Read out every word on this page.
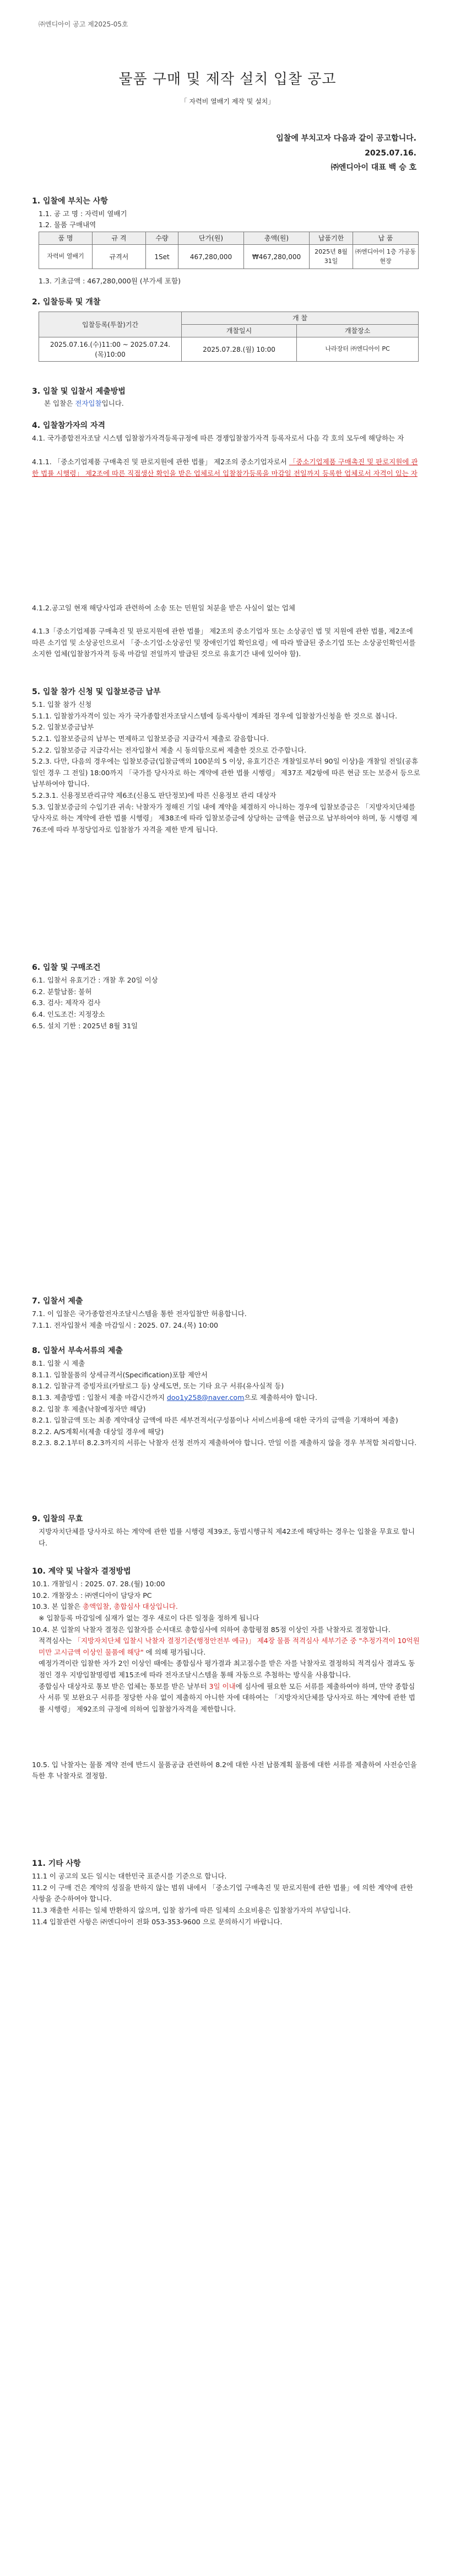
㈜엔디아이 공고 제2025-05호
물품 구매 및 제작 설치 입찰 공고
「 자력비 열배기 제작 및 설치」
입찰에 부치고자 다음과 같이 공고합니다.
2025.07.16.
㈜엔디아이 대표 백 승 호
1. 입찰에 부치는 사항
1.1. 공 고 명 : 자력비 열배기
1.2. 물품 구매내역
품 명	규 격	수량	단가(원)	총액(원)	납품기한	납 품
자력비 열배기	규격서	1Set	467,280,000	₩467,280,000	2025년 8월 31일	㈜엔디아이 1층 가공동 현장
1.3. 기초금액 : 467,280,000원 (부가세 포함)
2. 입찰등록 및 개찰
입찰등록(투찰)기간	개 찰	
	개찰일시	개찰장소
2025.07.16.(수)11:00 ~ 2025.07.24.(목)10:00	2025.07.28.(월) 10:00	나라장터 ㈜엔디아이 PC
3. 입찰 및 입찰서 제출방법
본 입찰은 전자입찰입니다.
4. 입찰참가자의 자격
4.1. 국가종합전자조달 시스템 입찰참가자격등록규정에 따른 경쟁입찰참가자격 등록자로서 다음 각 호의 모두에 해당하는 자
4.1.1. 「중소기업제품 구매촉진 및 판로지원에 관한 법률」 제2조의 중소기업자로서 「중소기업제품 구매촉진 및 판로지원에 관한 법률 시행령」 제2조에 따른 직접생산 확인을 받은 업체로서 입찰참가등록을 마감일 전일까지 등록한 업체로서 자격이 있는 자
4.1.2.공고일 현재 해당사업과 관련하여 소송 또는 민원일 처분을 받은 사실이 없는 업체
4.1.3「중소기업제품 구매촉진 및 판로지원에 관한 법률」 제2조의 중소기업자 또는 소상공인 법 및 지원에 관한 법률, 제2조에 따른 소기업 및 소상공인으로서 「중·소기업·소상공인 및 장애인기업 확인요령」에 따라 발급된 중소기업 또는 소상공인확인서를 소지한 업체(입찰참가자격 등록 마감일 전일까지 발급된 것으로 유효기간 내에 있어야 함).
5. 입찰 참가 신청 및 입찰보증금 납부
5.1. 입찰 참가 신청
5.1.1. 입찰참가자격이 있는 자가 국가종합전자조달시스템에 등록사항이 계좌된 경우에 입찰참가신청을 한 것으로 봅니다.
5.2. 입찰보증금납부
5.2.1. 입찰보증금의 납부는 면제하고 입찰보증금 지급각서 제출로 갈음합니다.
5.2.2. 입찰보증금 지급각서는 전자입찰서 제출 시 동의함으로써 제출한 것으로 간주합니다.
5.2.3. 다만, 다음의 경우에는 입찰보증금(입찰금액의 100분의 5 이상, 유효기간은 개찰일로부터 90일 이상)을 개찰일 전일(공휴일인 경우 그 전일) 18:00까지 「국가를 당사자로 하는 계약에 관한 법률 시행령」 제37조 제2항에 따른 현금 또는 보증서 등으로 납부하여야 합니다.
5.2.3.1. 신용정보관리규약 제6조(신용도 판단정보)에 따른 신용정보 관리 대상자
5.3. 입찰보증금의 수입기관 귀속: 낙찰자가 정해진 기일 내에 계약을 체결하지 아니하는 경우에 입찰보증금은 「지방자치단체를 당사자로 하는 계약에 관한 법률 시행령」 제38조에 따라 입찰보증금에 상당하는 금액을 현금으로 납부하여야 하며, 동 시행령 제76조에 따라 부정당업자로 입찰참가 자격을 제한 받게 됩니다.
6. 입찰 및 구매조건
6.1. 입찰서 유효기간 : 개찰 후 20일 이상
6.2. 분할납품: 불허
6.3. 검사: 제작자 검사
6.4. 인도조건: 지정장소
6.5. 설치 기한 : 2025년 8월 31일
7. 입찰서 제출
7.1. 이 입찰은 국가종합전자조달시스템을 통한 전자입찰만 허용합니다.
7.1.1. 전자입찰서 제출 마감일시 : 2025. 07. 24.(목) 10:00
8. 입찰서 부속서류의 제출
8.1. 입찰 시 제출
8.1.1. 입찰물품의 상세규격서(Specification)포함 제안서
8.1.2. 입찰규격 증빙자료(카탈로그 등) 상세도면, 또는 기타 요구 서류(유사실적 등)
8.1.3. 제출방법 : 입찰서 제출 마감시간까지 doo1y258@naver.com으로 제출하셔야 합니다.
8.2. 입찰 후 제출(낙찰예정자만 해당)
8.2.1. 입찰금액 또는 최종 계약대상 금액에 따른 세부견적서(구성품이나 서비스비용에 대한 국가의 금액을 기재하여 제출)
8.2.2. A/S계획서(제출 대상일 경우에 해당)
8.2.3. 8.2.1부터 8.2.3까지의 서류는 낙찰자 선정 전까지 제출하여야 합니다. 만일 이를 제출하지 않을 경우 부적합 처리합니다.
9. 입찰의 무효
지방자치단체를 당사자로 하는 계약에 관한 법률 시행령 제39조, 동법시행규칙 제42조에 해당하는 경우는 입찰을 무효로 합니다.
10. 계약 및 낙찰자 결정방법
10.1. 개찰일시 : 2025. 07. 28.(월) 10:00
10.2. 개찰장소 : ㈜엔디아이 담당자 PC
10.3. 본 입찰은 총액입찰, 총합심사 대상입니다.
※ 입찰등록 마감일에 실재가 없는 경우 새로이 다른 일정을 정하게 됩니다
10.4. 본 입찰의 낙찰자 결정은 입찰자를 순서대로 총합심사에 의하여 총합평점 85점 이상인 자를 낙찰자로 결정합니다.
적격심사는 「지방자치단체 입찰시 낙찰자 결정기준(행정안전부 예규)」 제4장 물품 적격심사 세부기준 중 "추정가격이 10억원 미만 고시금액 이상인 물품에 해당" 에 의해 평가됩니다.
예정가격이란 입찰한 자가 2인 이상인 때에는 종합심사 평가결과 최고점수를 받은 자를 낙찰자로 결정하되 적격심사 결과도 동점인 경우 지방입찰명령법 제15조에 따라 전자조달시스템을 통해 자동으로 추첨하는 방식을 사용합니다.
종합심사 대상자로 통보 받은 업체는 통보를 받은 날부터 3일 이내에 심사에 필요한 모든 서류를 제출하여야 하며, 만약 종합심사 서류 및 보완요구 서류를 정당한 사유 없이 제출하지 아니한 자에 대하여는 「지방자치단체를 당사자로 하는 계약에 관한 법률 시행령」 제92조의 규정에 의하여 입찰참가자격을 제한합니다.
10.5. 입 낙찰자는 물품 계약 전에 반드시 물품공급 관련하여 8.2에 대한 사전 납품계획 물품에 대한 서류를 제출하여 사전승인을 득한 후 낙찰자로 결정함.
11. 기타 사항
11.1 이 공고의 모든 일시는 대한민국 표준시를 기준으로 합니다.
11.2 이 구매 건은 계약의 성질을 반하지 않는 범위 내에서 「중소기업 구매촉진 및 판로지원에 관한 법률」에 의한 계약에 관한 사항을 준수하여야 합니다.
11.3 재출한 서류는 일체 반환하지 않으며, 입찰 참가에 따른 일체의 소요비용은 입찰참가자의 부담입니다.
11.4 입찰관련 사항은 ㈜엔디아이 전화 053-353-9600 으로 문의하시기 바랍니다.
